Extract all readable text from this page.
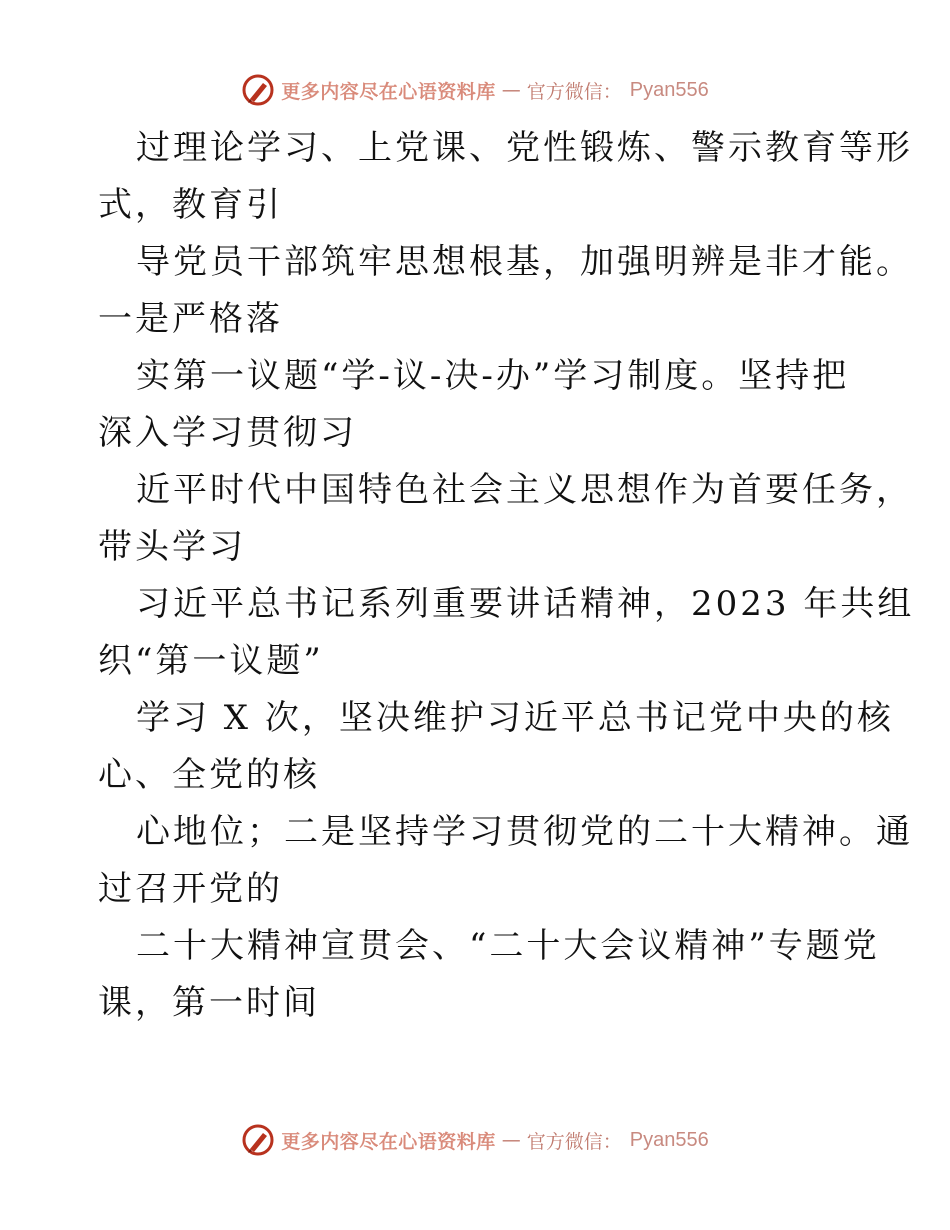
更多内容尽在心语资料库 — 官方微信： Pyan556
过理论学习、上党课、党性锻炼、警示教育等形
式，教育引
导党员干部筑牢思想根基，加强明辨是非才能。
一是严格落
实第一议题“学-议-决-办”学习制度。坚持把
深入学习贯彻习
近平时代中国特色社会主义思想作为首要任务，
带头学习
习近平总书记系列重要讲话精神，2023 年共组
织“第一议题”
学习 X 次，坚决维护习近平总书记党中央的核
心、全党的核
心地位；二是坚持学习贯彻党的二十大精神。通
过召开党的
二十大精神宣贯会、“二十大会议精神”专题党
课，第一时间
更多内容尽在心语资料库 — 官方微信： Pyan556
